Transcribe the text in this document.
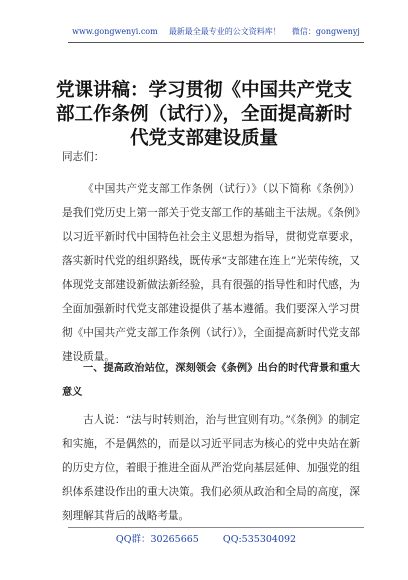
www.gongwenyi.com 最新最全最专业的公文资料库！ 微信：gongwenyj
党课讲稿：学习贯彻《中国共产党支部工作条例（试行）》，全面提高新时代党支部建设质量

同志们：

《中国共产党支部工作条例（试行）》（以下简称《条例》）是我们党历史上第一部关于党支部工作的基础主干法规。《条例》以习近平新时代中国特色社会主义思想为指导，贯彻党章要求，落实新时代党的组织路线，既传承“支部建在连上”光荣传统，又体现党支部建设新做法新经验，具有很强的指导性和时代感，为全面加强新时代党支部建设提供了基本遵循。我们要深入学习贯彻《中国共产党支部工作条例（试行）》，全面提高新时代党支部建设质量。

一、提高政治站位，深刻领会《条例》出台的时代背景和重大意义

古人说：“法与时转则治，治与世宜则有功。”《条例》的制定和实施，不是偶然的，而是以习近平同志为核心的党中央站在新的历史方位，着眼于推进全面从严治党向基层延伸、加强党的组织体系建设作出的重大决策。我们必须从政治和全局的高度，深刻理解其背后的战略考量。

QQ群：30265665	QQ:535304092
